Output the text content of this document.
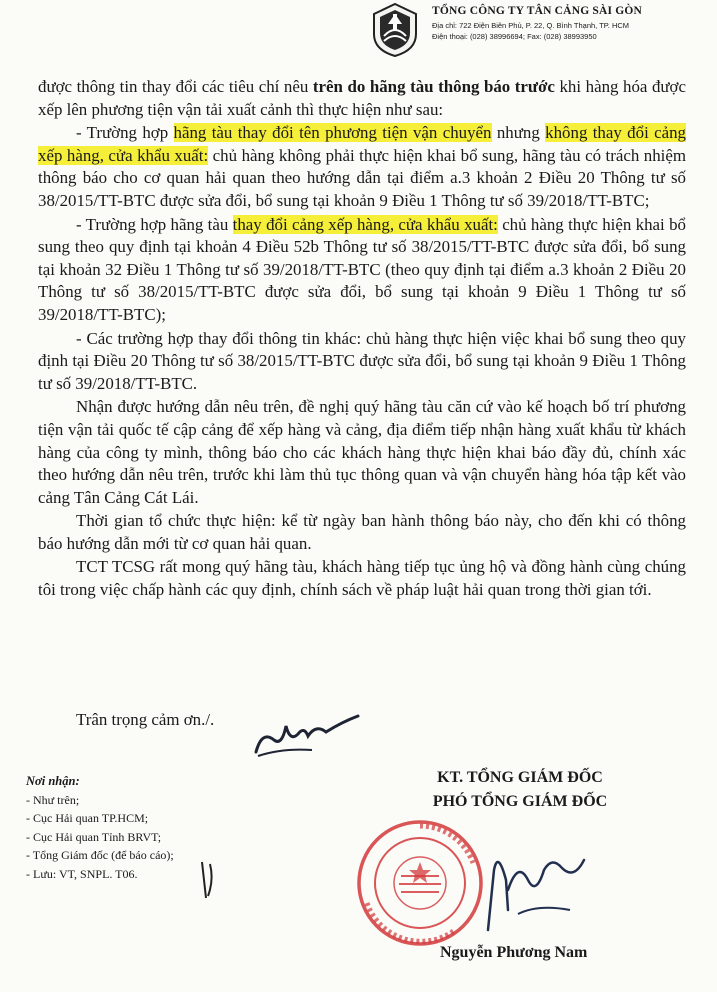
TỔNG CÔNG TY TÂN CẢNG SÀI GÒN
Địa chỉ: 722 Điện Biên Phủ, P. 22, Q. Bình Thạnh, TP. HCM
Điện thoại: (028) 38996694; Fax: (028) 38993950

được thông tin thay đổi các tiêu chí nêu trên do hãng tàu thông báo trước khi hàng hóa được xếp lên phương tiện vận tải xuất cảnh thì thực hiện như sau:

- Trường hợp hãng tàu thay đổi tên phương tiện vận chuyển nhưng không thay đổi cảng xếp hàng, cửa khẩu xuất: chủ hàng không phải thực hiện khai bổ sung, hãng tàu có trách nhiệm thông báo cho cơ quan hải quan theo hướng dẫn tại điểm a.3 khoản 2 Điều 20 Thông tư số 38/2015/TT-BTC được sửa đổi, bổ sung tại khoản 9 Điều 1 Thông tư số 39/2018/TT-BTC;

- Trường hợp hãng tàu thay đổi cảng xếp hàng, cửa khẩu xuất: chủ hàng thực hiện khai bổ sung theo quy định tại khoản 4 Điều 52b Thông tư số 38/2015/TT-BTC được sửa đổi, bổ sung tại khoản 32 Điều 1 Thông tư số 39/2018/TT-BTC (theo quy định tại điểm a.3 khoản 2 Điều 20 Thông tư số 38/2015/TT-BTC được sửa đổi, bổ sung tại khoản 9 Điều 1 Thông tư số 39/2018/TT-BTC);

- Các trường hợp thay đổi thông tin khác: chủ hàng thực hiện việc khai bổ sung theo quy định tại Điều 20 Thông tư số 38/2015/TT-BTC được sửa đổi, bổ sung tại khoản 9 Điều 1 Thông tư số 39/2018/TT-BTC.

Nhận được hướng dẫn nêu trên, đề nghị quý hãng tàu căn cứ vào kế hoạch bố trí phương tiện vận tải quốc tế cập cảng để xếp hàng và cảng, địa điểm tiếp nhận hàng xuất khẩu từ khách hàng của công ty mình, thông báo cho các khách hàng thực hiện khai báo đầy đủ, chính xác theo hướng dẫn nêu trên, trước khi làm thủ tục thông quan và vận chuyển hàng hóa tập kết vào cảng Tân Cảng Cát Lái.

Thời gian tổ chức thực hiện: kể từ ngày ban hành thông báo này, cho đến khi có thông báo hướng dẫn mới từ cơ quan hải quan.

TCT TCSG rất mong quý hãng tàu, khách hàng tiếp tục ủng hộ và đồng hành cùng chúng tôi trong việc chấp hành các quy định, chính sách về pháp luật hải quan trong thời gian tới.

Trân trọng cảm ơn./.
Nơi nhận:
- Như trên;
- Cục Hải quan TP.HCM;
- Cục Hải quan Tỉnh BRVT;
- Tổng Giám đốc (để báo cáo);
- Lưu: VT, SNPL. T06.
KT. TỔNG GIÁM ĐỐC
PHÓ TỔNG GIÁM ĐỐC
Nguyễn Phương Nam
